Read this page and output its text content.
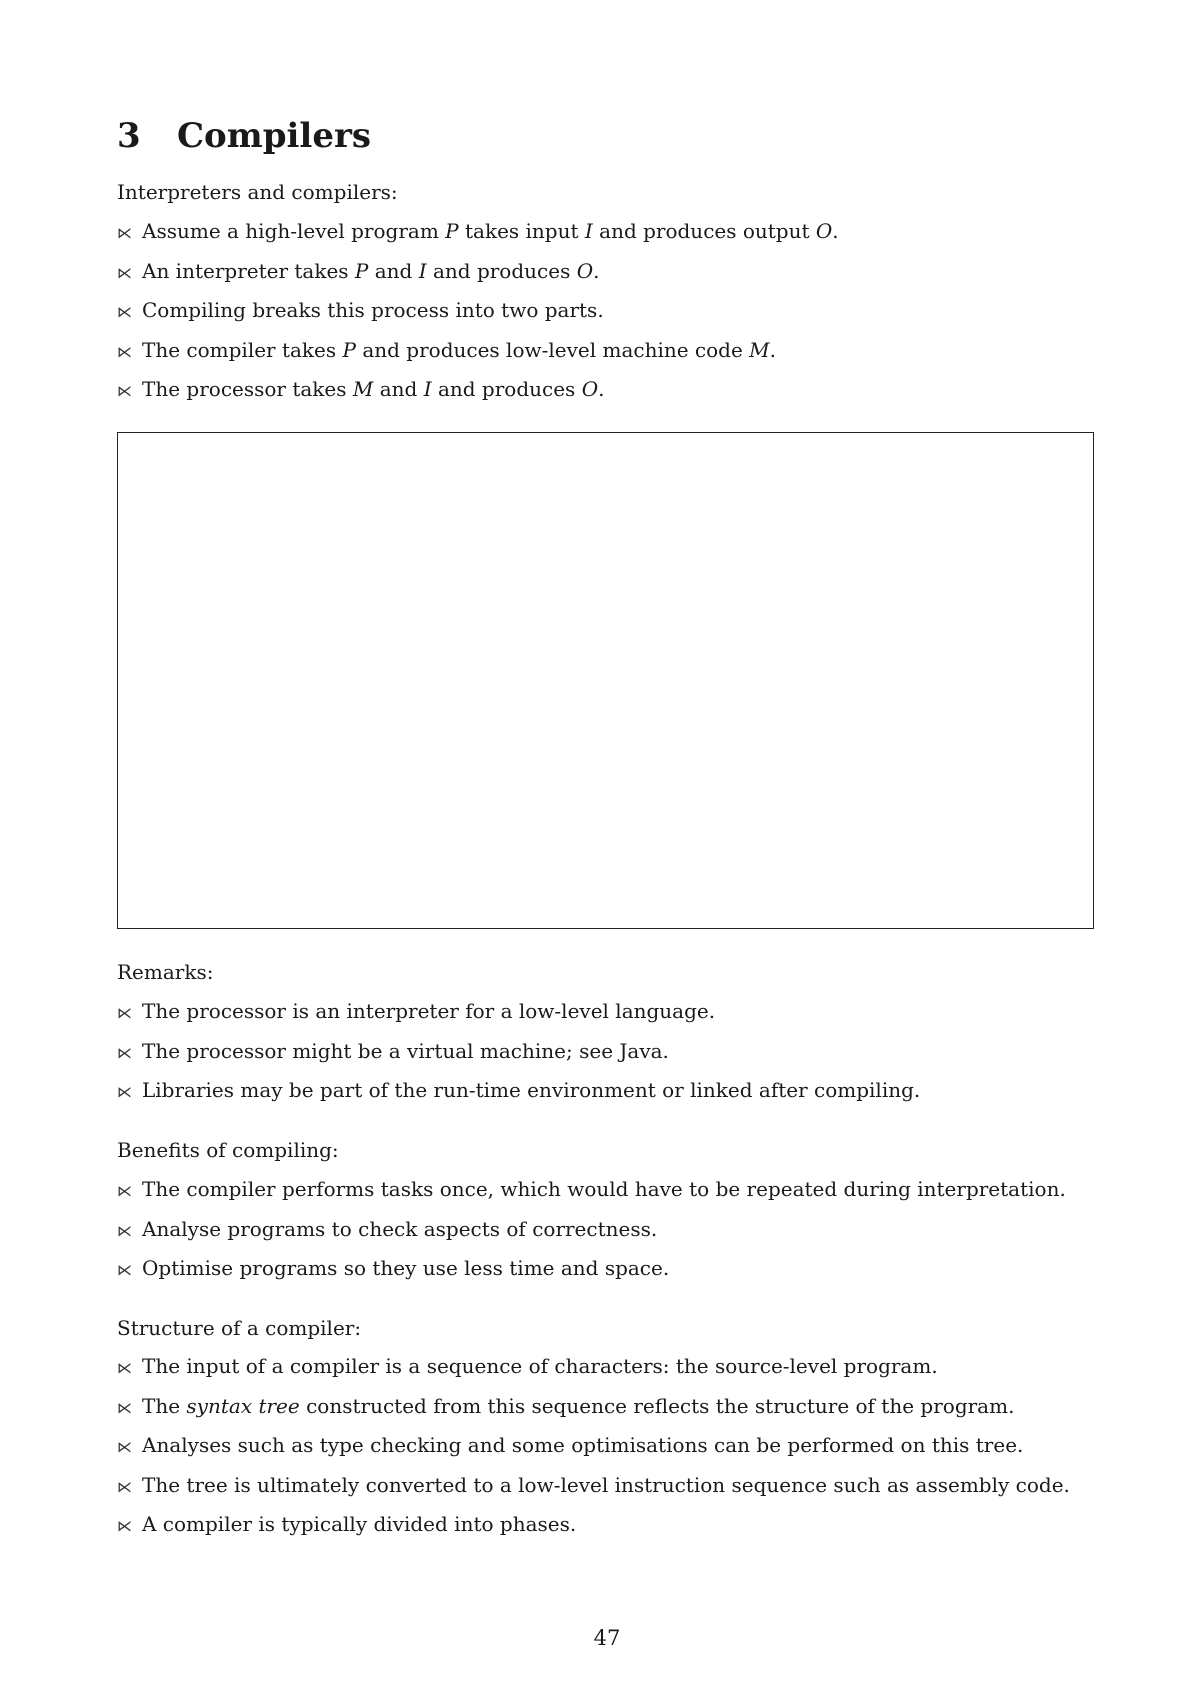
3 Compilers

Interpreters and compilers:

⋉ Assume a high-level program P takes input I and produces output O.
⋉ An interpreter takes P and I and produces O.
⋉ Compiling breaks this process into two parts.
⋉ The compiler takes P and produces low-level machine code M.
⋉ The processor takes M and I and produces O.

Remarks:

⋉ The processor is an interpreter for a low-level language.
⋉ The processor might be a virtual machine; see Java.
⋉ Libraries may be part of the run-time environment or linked after compiling.

Benefits of compiling:

⋉ The compiler performs tasks once, which would have to be repeated during interpretation.
⋉ Analyse programs to check aspects of correctness.
⋉ Optimise programs so they use less time and space.

Structure of a compiler:

⋉ The input of a compiler is a sequence of characters: the source-level program.
⋉ The syntax tree constructed from this sequence reflects the structure of the program.
⋉ Analyses such as type checking and some optimisations can be performed on this tree.
⋉ The tree is ultimately converted to a low-level instruction sequence such as assembly code.
⋉ A compiler is typically divided into phases.

47
